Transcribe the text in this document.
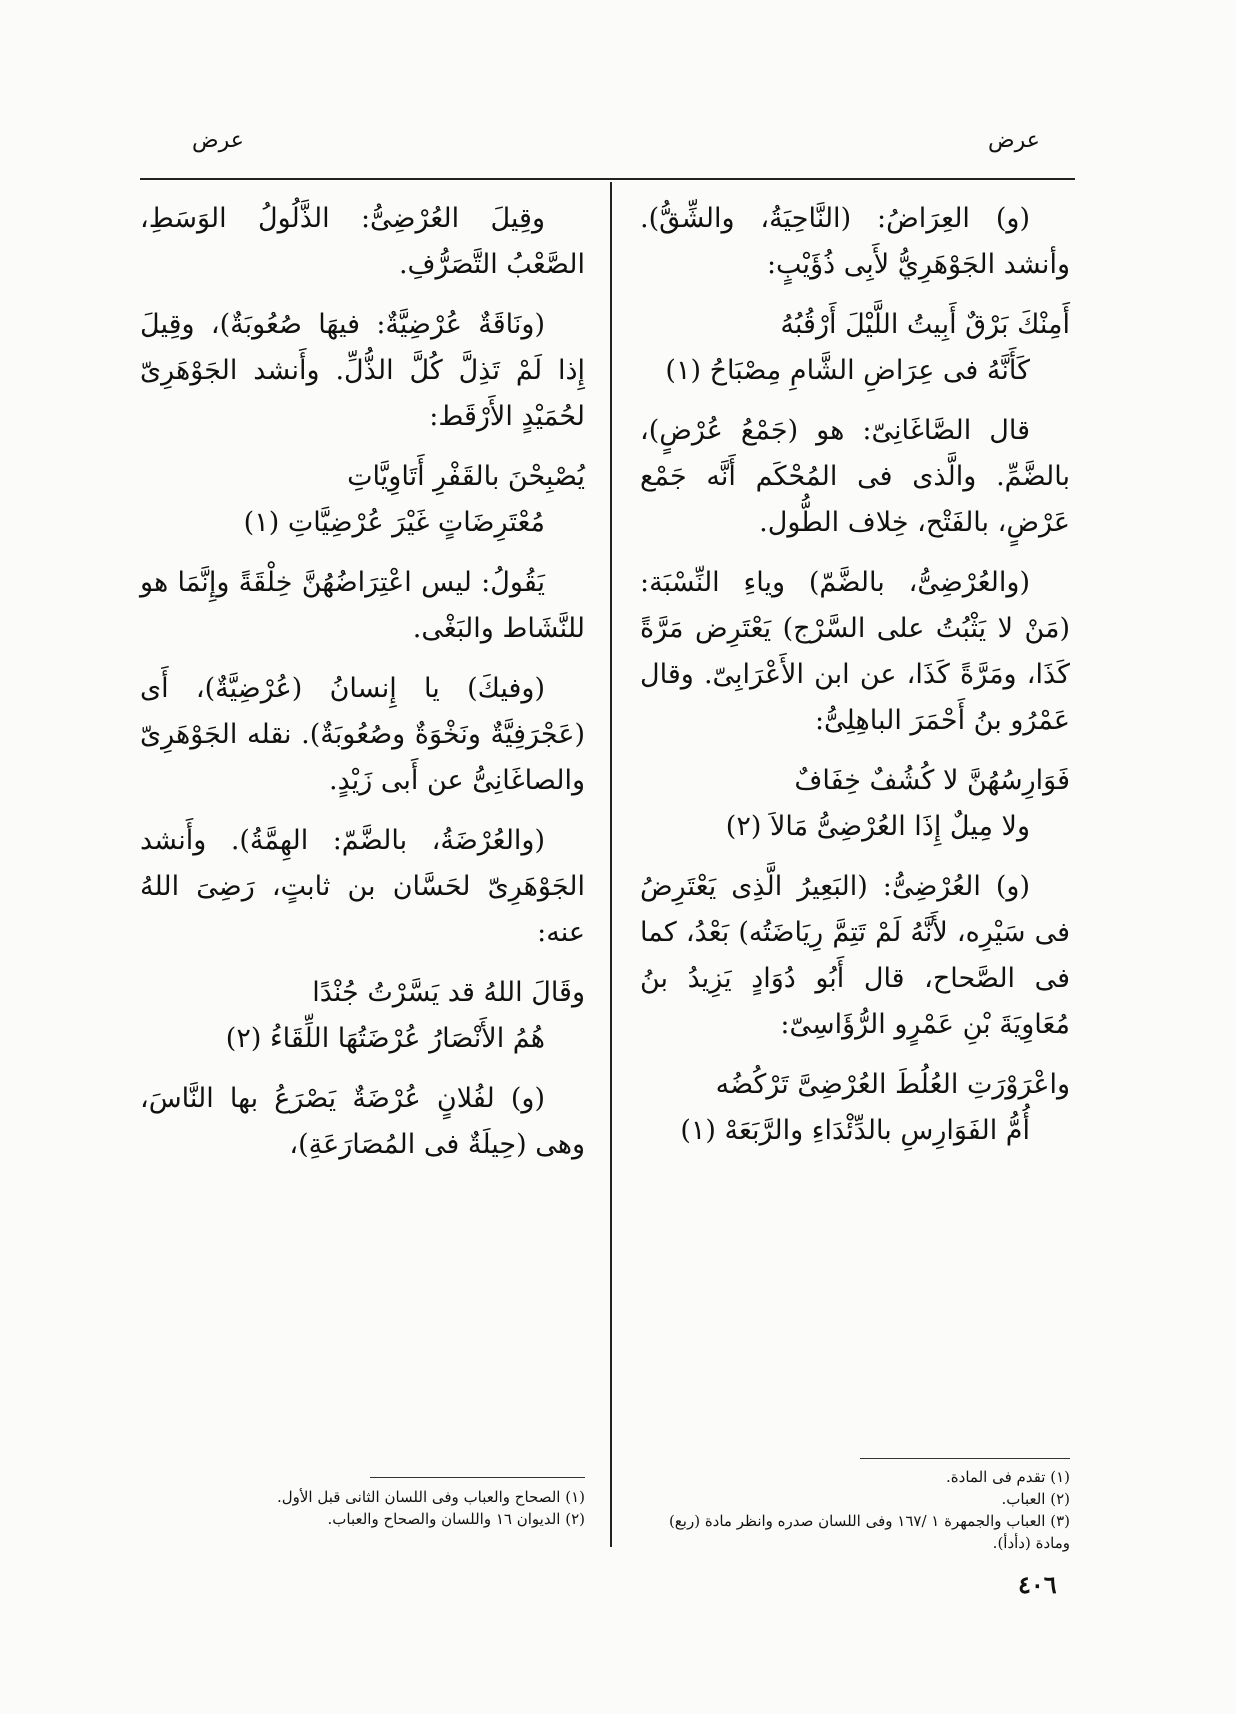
عرض
عرض

(و) العِرَاضُ: (النَّاحِيَةُ، والشِّقُّ). وأنشد الجَوْهَرِيُّ لأَبِى ذُؤَيْبٍ:

أَمِنْكَ بَرْقٌ أَبِيتُ اللَّيْلَ أَرْقُبُهُ
كَأَنَّهُ فى عِرَاضِ الشَّامِ مِصْبَاحُ (١)

قال الصَّاغَانِىّ: هو (جَمْعُ عُرْضٍ)، بالضَّمِّ. والَّذى فى المُحْكَم أَنَّه جَمْع عَرْضٍ، بالفَتْح، خِلاف الطُّول.

(والعُرْضِىُّ، بالضَّمّ) وياءِ النِّسْبَة: (مَنْ لا يَثْبُتُ على السَّرْج) يَعْتَرِض مَرَّةً كَذَا، ومَرَّةً كَذَا، عن ابن الأَعْرَابِىّ. وقال عَمْرُو بنُ أَحْمَرَ الباهِلِىُّ:

فَوَارِسُهُنَّ لا كُشُفٌ خِفَافٌ
ولا مِيلٌ إِذَا العُرْضِىُّ مَالاَ (٢)

(و) العُرْضِىُّ: (البَعِيرُ الَّذِى يَعْتَرِضُ فى سَيْرِه، لأَنَّهُ لَمْ تَتِمَّ رِيَاضَتُه) بَعْدُ، كما فى الصَّحاح، قال أَبُو دُوَادٍ يَزِيدُ بنُ مُعَاوِيَةَ بْنِ عَمْرٍو الرُّؤَاسِىّ:

واعْرَوْرَتِ العُلُطَ العُرْضِىَّ تَرْكُضُه
أُمُّ الفَوَارِسِ بالدِّئْدَاءِ والرَّبَعَهْ (١)

وقِيلَ العُرْضِىُّ: الذَّلُولُ الوَسَطِ، الصَّعْبُ التَّصَرُّفِ.

(ونَاقَةٌ عُرْضِيَّةٌ: فيهَا صُعُوبَةٌ)، وقِيلَ إِذا لَمْ تَذِلَّ كُلَّ الذُّلِّ. وأَنشد الجَوْهَرِىّ لحُمَيْدٍ الأَرْقَط:

يُصْبِحْنَ بالقَفْرِ أَتَاوِيَّاتِ
مُعْتَرِضَاتٍ غَيْرَ عُرْضِيَّاتِ (١)

يَقُولُ: ليس اعْتِرَاضُهُنَّ خِلْقَةً وإِنَّمَا هو للنَّشَاط والبَغْى.

(وفيكَ) يا إِنسانُ (عُرْضِيَّةٌ)، أَى (عَجْرَفِيَّةٌ ونَخْوَةٌ وصُعُوبَةٌ). نقله الجَوْهَرِىّ والصاغَانِىُّ عن أَبى زَيْدٍ.

(والعُرْضَةُ، بالضَّمّ: الهِمَّةُ). وأَنشد الجَوْهَرِىّ لحَسَّان بن ثابتٍ، رَضِىَ اللهُ عنه:

وقَالَ اللهُ قد يَسَّرْتُ جُنْدًا
هُمُ الأَنْصَارُ عُرْضَتُهَا اللِّقَاءُ (٢)

(و) لفُلانٍ عُرْضَةٌ يَصْرَعُ بها النَّاسَ، وهى (حِيلَةٌ فى المُصَارَعَةِ)،

(١) تقدم فى المادة.
(٢) العباب.
(٣) العباب والجمهرة ١ /١٦٧ وفى اللسان صدره وانظر مادة (ربع) ومادة (دأدأ).
(١) الصحاح والعباب وفى اللسان الثانى قبل الأول.
(٢) الديوان ١٦ واللسان والصحاح والعباب.
٤٠٦
